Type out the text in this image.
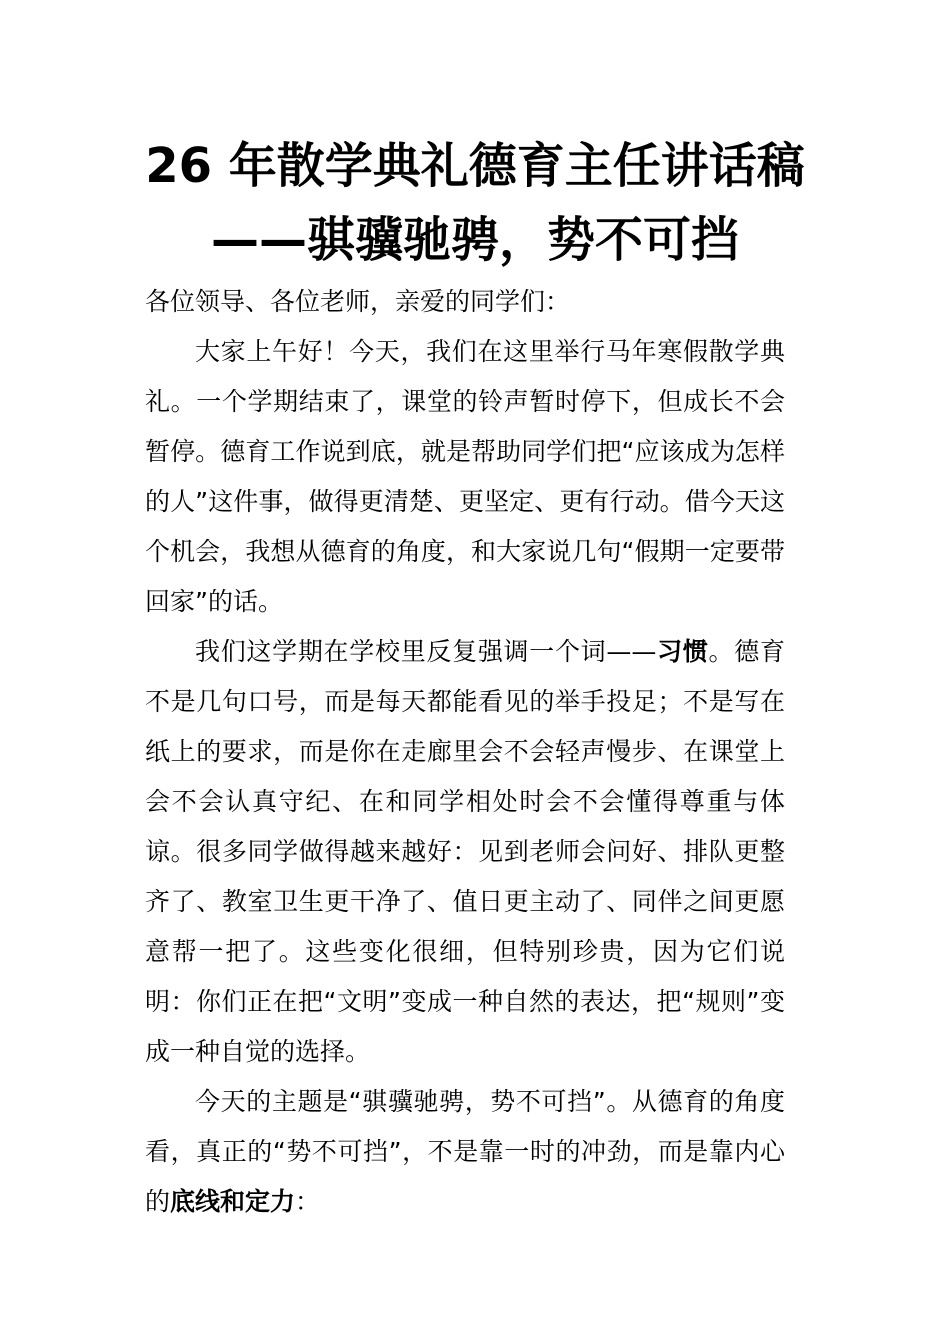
26 年散学典礼德育主任讲话稿
——骐骥驰骋，势不可挡

各位领导、各位老师，亲爱的同学们：

大家上午好！今天，我们在这里举行马年寒假散学典礼。一个学期结束了，课堂的铃声暂时停下，但成长不会暂停。德育工作说到底，就是帮助同学们把“应该成为怎样的人”这件事，做得更清楚、更坚定、更有行动。借今天这个机会，我想从德育的角度，和大家说几句“假期一定要带回家”的话。

我们这学期在学校里反复强调一个词——习惯。德育不是几句口号，而是每天都能看见的举手投足；不是写在纸上的要求，而是你在走廊里会不会轻声慢步、在课堂上会不会认真守纪、在和同学相处时会不会懂得尊重与体谅。很多同学做得越来越好：见到老师会问好、排队更整齐了、教室卫生更干净了、值日更主动了、同伴之间更愿意帮一把了。这些变化很细，但特别珍贵，因为它们说明：你们正在把“文明”变成一种自然的表达，把“规则”变成一种自觉的选择。

今天的主题是“骐骥驰骋，势不可挡”。从德育的角度看，真正的“势不可挡”，不是靠一时的冲劲，而是靠内心的底线和定力：
